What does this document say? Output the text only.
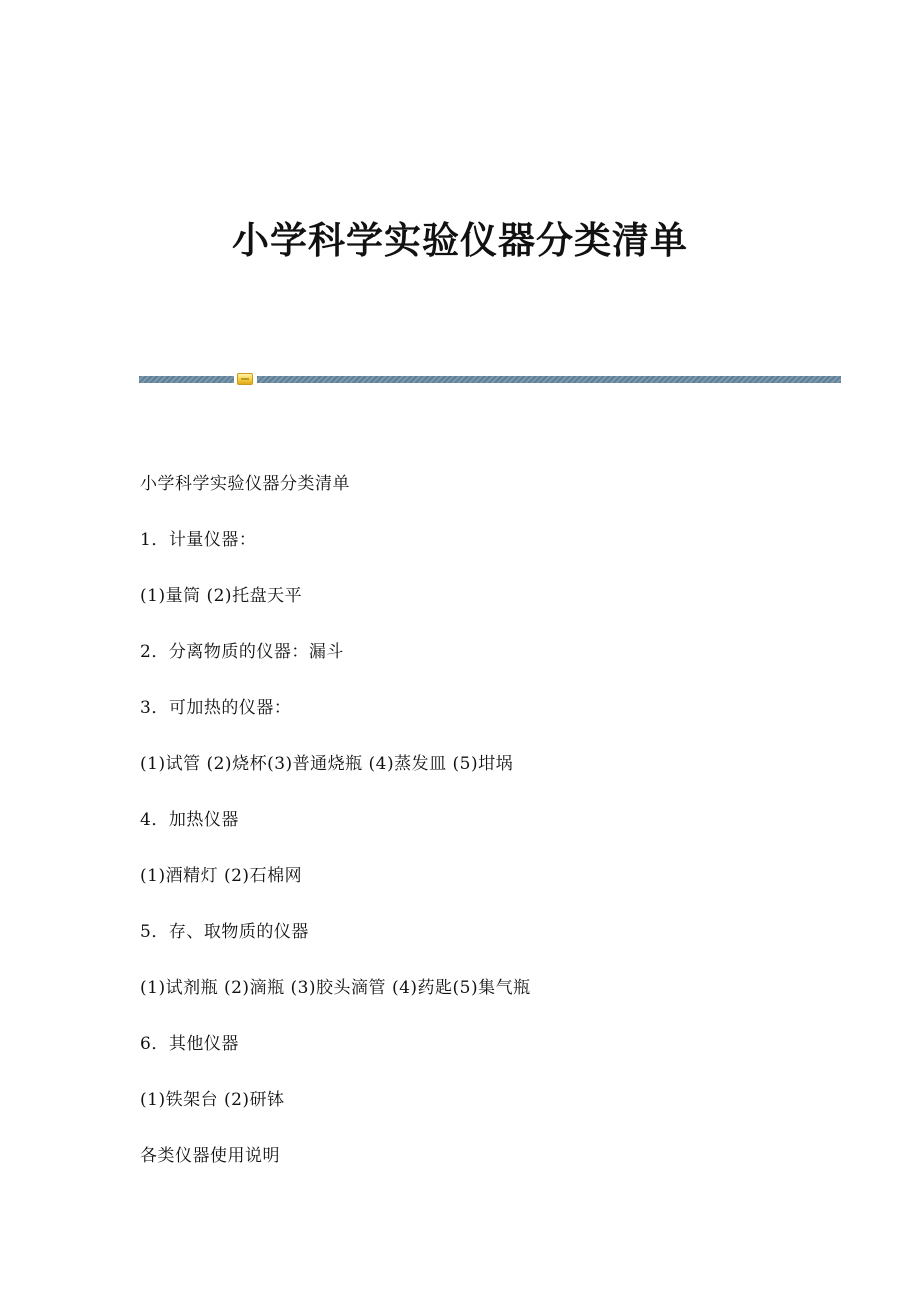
小学科学实验仪器分类清单
小学科学实验仪器分类清单
1．计量仪器：
(1)量筒 (2)托盘天平
2．分离物质的仪器：漏斗
3．可加热的仪器：
(1)试管 (2)烧杯(3)普通烧瓶 (4)蒸发皿 (5)坩埚
4．加热仪器
(1)酒精灯 (2)石棉网
5．存、取物质的仪器
(1)试剂瓶 (2)滴瓶 (3)胶头滴管 (4)药匙(5)集气瓶
6．其他仪器
(1)铁架台 (2)研钵
各类仪器使用说明
